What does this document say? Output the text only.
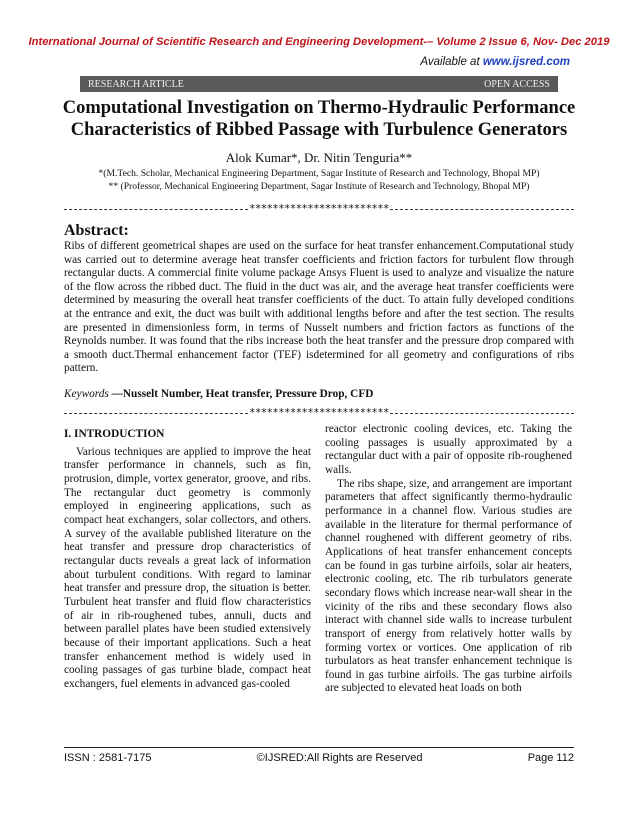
International Journal of Scientific Research and Engineering Development-– Volume 2 Issue 6, Nov- Dec 2019
Available at www.ijsred.com
RESEARCH ARTICLE	OPEN ACCESS
Computational Investigation on Thermo-Hydraulic Performance Characteristics of Ribbed Passage with Turbulence Generators
Alok Kumar*, Dr. Nitin Tenguria**
*(M.Tech. Scholar, Mechanical Engineering Department, Sagar Institute of Research and Technology, Bhopal MP)
** (Professor, Mechanical Engineering Department, Sagar Institute of Research and Technology, Bhopal MP)
************************
Abstract:

Ribs of different geometrical shapes are used on the surface for heat transfer enhancement.Computational study was carried out to determine average heat transfer coefficients and friction factors for turbulent flow through rectangular ducts. A commercial finite volume package Ansys Fluent is used to analyze and visualize the nature of the flow across the ribbed duct. The fluid in the duct was air, and the average heat transfer coefficients were determined by measuring the overall heat transfer coefficients of the duct. To attain fully developed conditions at the entrance and exit, the duct was built with additional lengths before and after the test section. The results are presented in dimensionless form, in terms of Nusselt numbers and friction factors as functions of the Reynolds number. It was found that the ribs increase both the heat transfer and the pressure drop compared with a smooth duct.Thermal enhancement factor (TEF) isdetermined for all geometry and configurations of ribs pattern.

Keywords —Nusselt Number, Heat transfer, Pressure Drop, CFD

************************

I. INTRODUCTION

Various techniques are applied to improve the heat transfer performance in channels, such as fin, protrusion, dimple, vortex generator, groove, and ribs. The rectangular duct geometry is commonly employed in engineering applications, such as compact heat exchangers, solar collectors, and others. A survey of the available published literature on the heat transfer and pressure drop characteristics of rectangular ducts reveals a great lack of information about turbulent conditions. With regard to laminar heat transfer and pressure drop, the situation is better. Turbulent heat transfer and fluid flow characteristics of air in rib-roughened tubes, annuli, ducts and between parallel plates have been studied extensively because of their important applications. Such a heat transfer enhancement method is widely used in cooling passages of gas turbine blade, compact heat exchangers, fuel elements in advanced gas-cooled

reactor electronic cooling devices, etc. Taking the cooling passages is usually approximated by a rectangular duct with a pair of opposite rib-roughened walls.

The ribs shape, size, and arrangement are important parameters that affect significantly thermo-hydraulic performance in a channel flow. Various studies are available in the literature for thermal performance of channel roughened with different geometry of ribs. Applications of heat transfer enhancement concepts can be found in gas turbine airfoils, solar air heaters, electronic cooling, etc. The rib turbulators generate secondary flows which increase near-wall shear in the vicinity of the ribs and these secondary flows also interact with channel side walls to increase turbulent transport of energy from relatively hotter walls by forming vortex or vortices. One application of rib turbulators as heat transfer enhancement technique is found in gas turbine airfoils. The gas turbine airfoils are subjected to elevated heat loads on both

ISSN : 2581-7175	©IJSRED:All Rights are Reserved	Page 112
